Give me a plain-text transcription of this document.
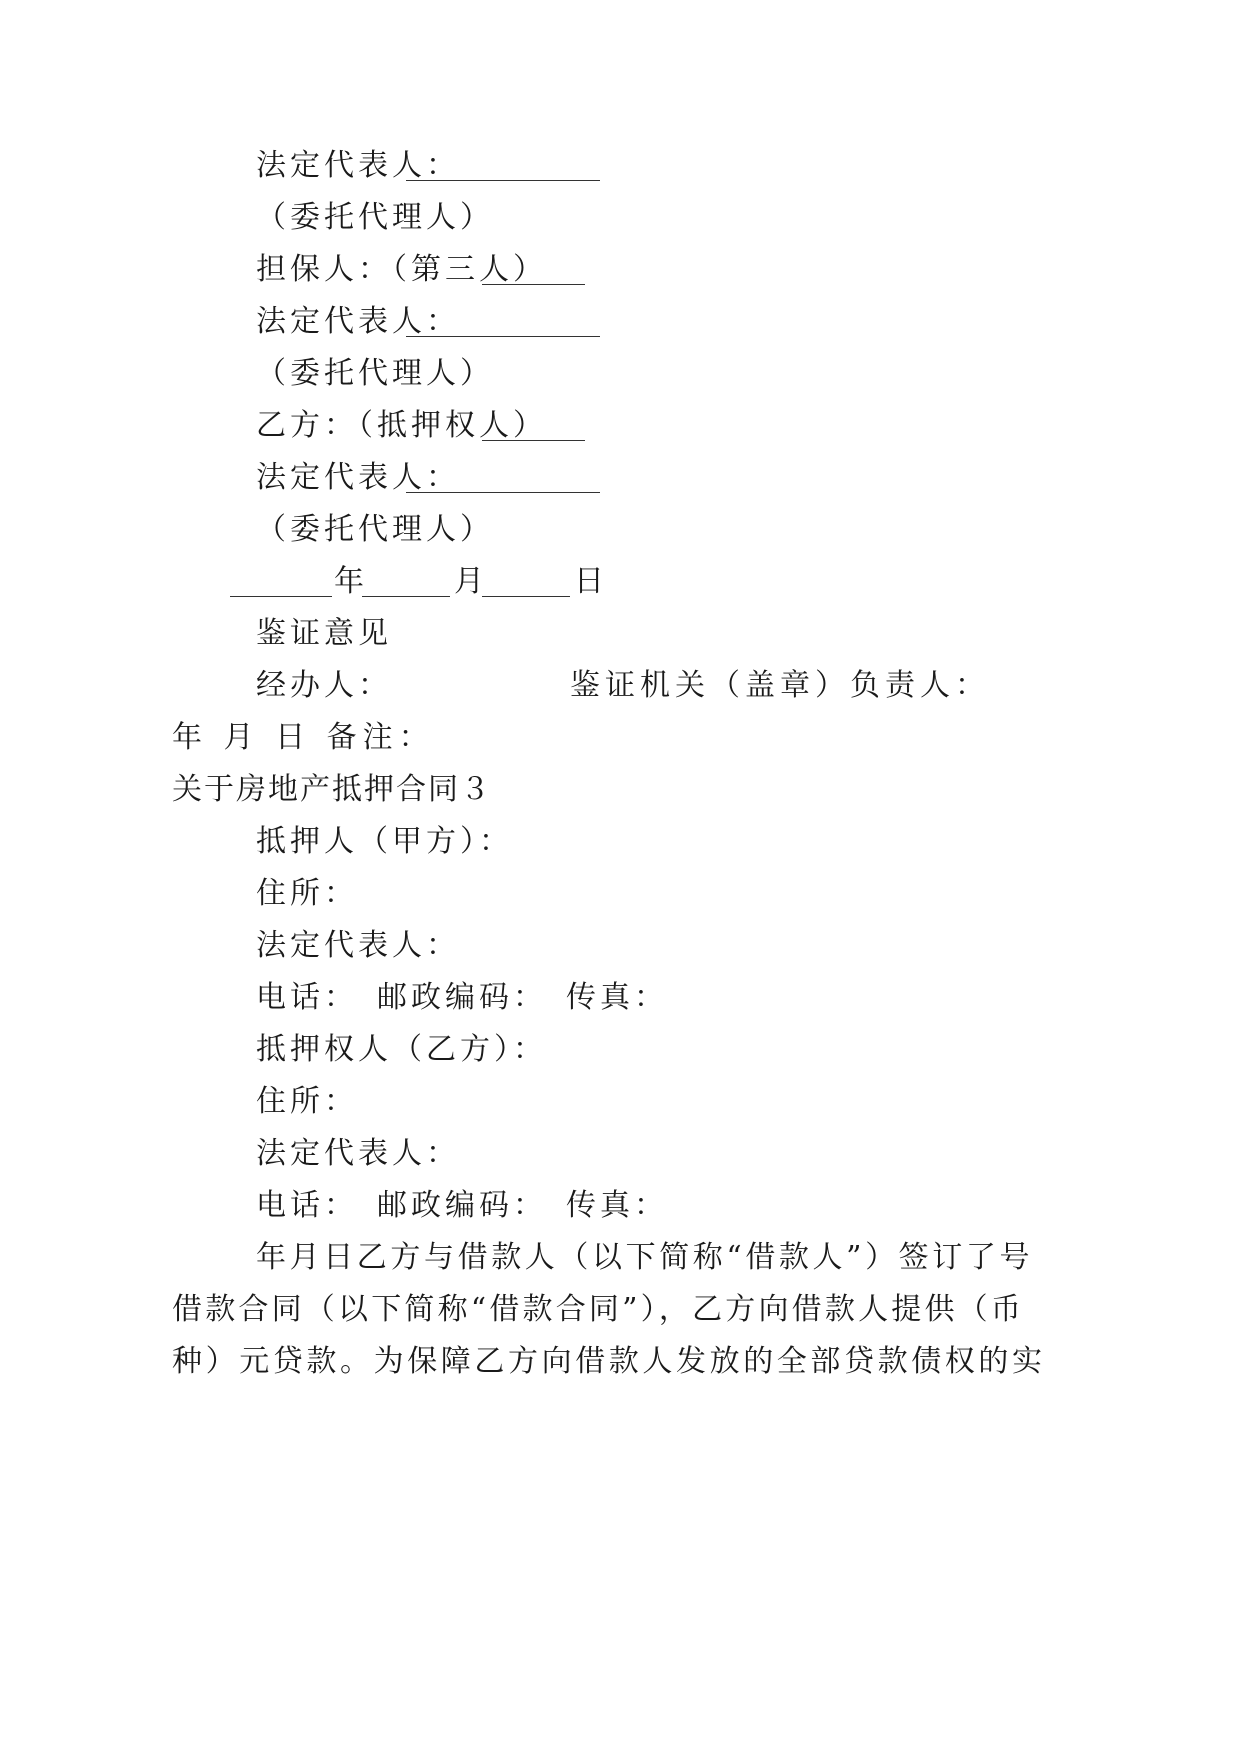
法定代表人：
（委托代理人）
担保人：（第三人）
法定代表人：
（委托代理人）
乙方：（抵押权人）
法定代表人：
（委托代理人）
年	月	日
鉴证意见
经办人：	鉴证机关（盖章）负责人：
年 月 日 备注：
关于房地产抵押合同３
抵押人（甲方）：
住所：
法定代表人：
电话：　邮政编码：　传真：
抵押权人（乙方）：
住所：
法定代表人：
电话：　邮政编码：　传真：
年月日乙方与借款人（以下简称“借款人”）签订了号
借款合同（以下简称“借款合同”），乙方向借款人提供（币
种）元贷款。为保障乙方向借款人发放的全部贷款债权的实
